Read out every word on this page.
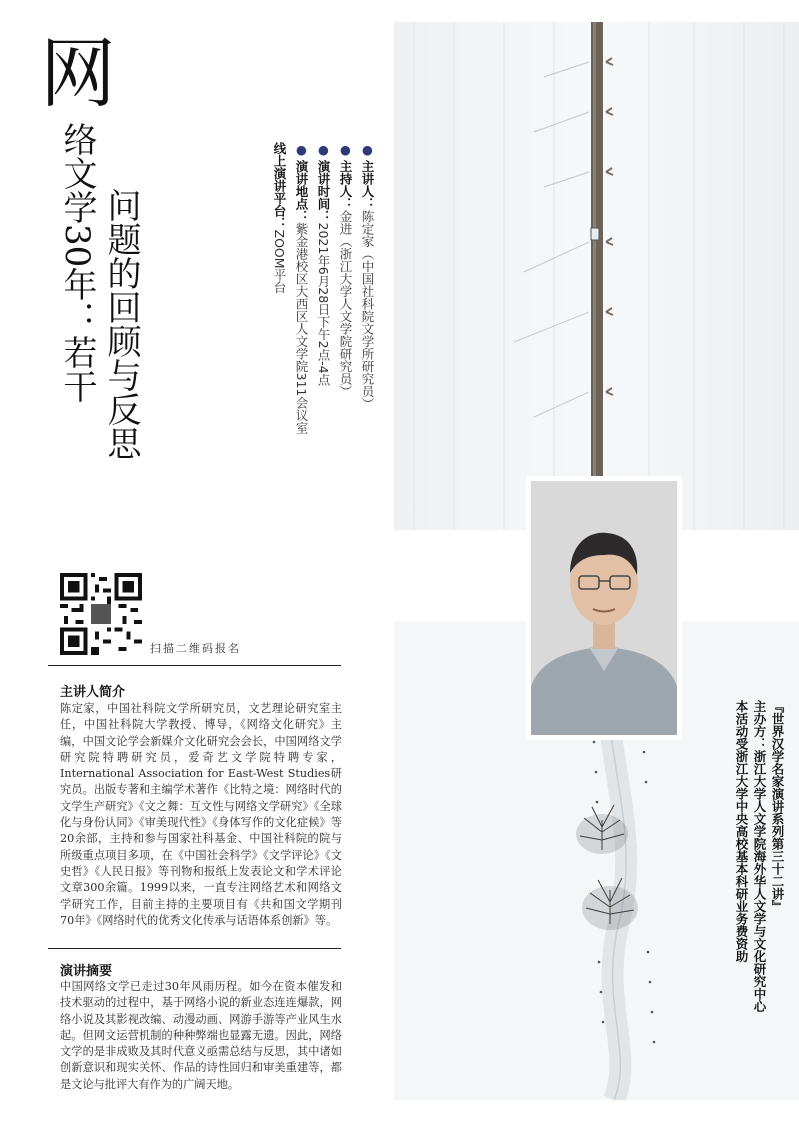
网
络文学30年：若干 问题的回顾与反思
●主讲人：陈定家（中国社科院文学所研究员）
●主持人：金进（浙江大学人文学院研究员）
●演讲时间：2021年6月28日下午2点-4点
●演讲地点：紫金港校区大西区人文学院311会议室
线上演讲平台：ZOOM平台
『世界汉学名家演讲系列第三十二讲』
主办方：浙江大学人文学院海外华人文学与文化研究中心
本活动受浙江大学中央高校基本科研业务费资助
扫描二维码报名
主讲人简介

陈定家，中国社科院文学所研究员，文艺理论研究室主任，中国社科院大学教授、博导，《网络文化研究》主编，中国文论学会新媒介文化研究会会长，中国网络文学研究院特聘研究员，爱奇艺文学院特聘专家，International Association for East-West Studies研究员。出版专著和主编学术著作《比特之境：网络时代的文学生产研究》《文之舞：互文性与网络文学研究》《全球化与身份认同》《审美现代性》《身体写作的文化症候》等20余部，主持和参与国家社科基金、中国社科院的院与所级重点项目多项，在《中国社会科学》《文学评论》《文史哲》《人民日报》等刊物和报纸上发表论文和学术评论文章300余篇。1999以来，一直专注网络艺术和网络文学研究工作，目前主持的主要项目有《共和国文学期刊70年》《网络时代的优秀文化传承与话语体系创新》等。

演讲摘要

中国网络文学已走过30年风雨历程。如今在资本催发和技术驱动的过程中，基于网络小说的新业态连连爆款，网络小说及其影视改编、动漫动画、网游手游等产业风生水起。但网文运营机制的种种弊端也显露无遗。因此，网络文学的是非成败及其时代意义亟需总结与反思，其中诸如创新意识和现实关怀、作品的诗性回归和审美重建等，都是文论与批评大有作为的广阔天地。
